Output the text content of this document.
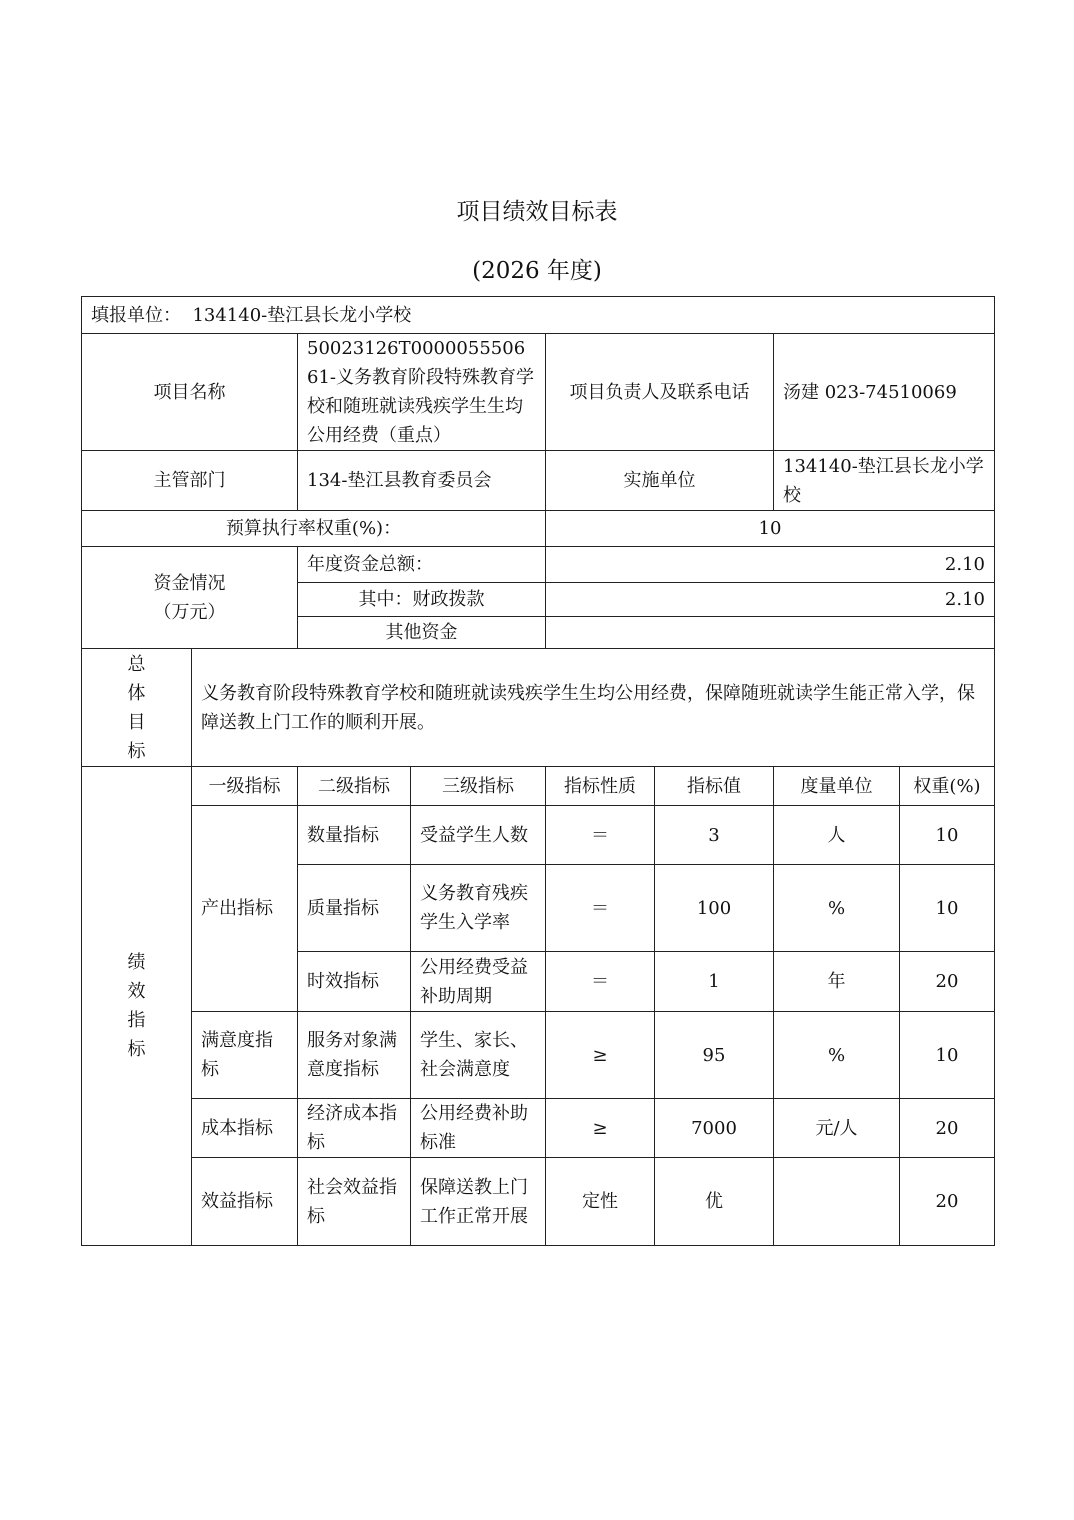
项目绩效目标表
(2026 年度)
填报单位： 134140-垫江县长龙小学校							
项目名称		50023126T000005550661-义务教育阶段特殊教育学校和随班就读残疾学生生均公用经费（重点）		项目负责人及联系电话		汤建 023-74510069	
主管部门		134-垫江县教育委员会		实施单位		134140-垫江县长龙小学校	
预算执行率权重(%)：				10			

资金情况
（万元）		年度资金总额：		2.10			
		其中：财政拨款		2.10			
		其他资金					

总体目标	义务教育阶段特殊教育学校和随班就读残疾学生生均公用经费，保障随班就读学生能正常入学，保障送教上门工作的顺利开展。						

绩效指标	一级指标	二级指标	三级指标	指标性质	指标值	度量单位	权重(%)
	产出指标	数量指标	受益学生人数	＝	3	人	10
		质量指标	义务教育残疾学生入学率	＝	100	%	10
		时效指标	公用经费受益补助周期	＝	1	年	20
	满意度指标	服务对象满意度指标	学生、家长、社会满意度	≥	95	%	10
	成本指标	经济成本指标	公用经费补助标准	≥	7000	元/人	20
	效益指标	社会效益指标	保障送教上门工作正常开展	定性	优		20
